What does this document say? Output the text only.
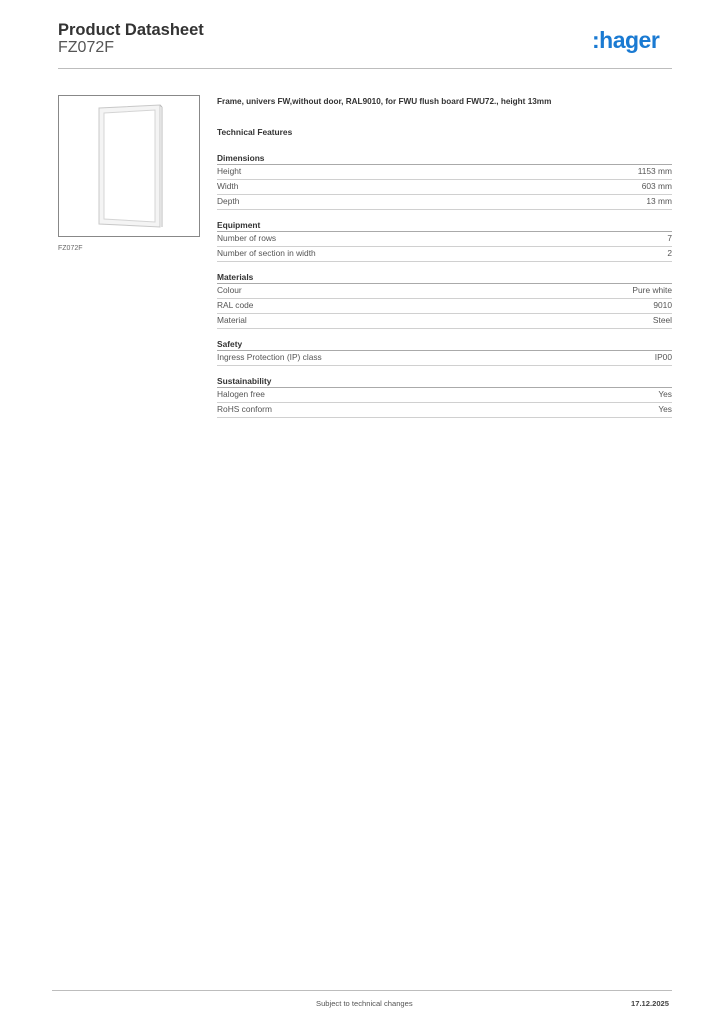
Product Datasheet
FZ072F	:hager
FZ072F
Frame, univers FW,without door, RAL9010, for FWU flush board FWU72., height 13mm
Technical Features
Dimensions
Height	1153 mm
Width	603 mm
Depth	13 mm
Equipment
Number of rows	7
Number of section in width	2
Materials
Colour	Pure white
RAL code	9010
Material	Steel
Safety
Ingress Protection (IP) class	IP00
Sustainability
Halogen free	Yes
RoHS conform	Yes
Subject to technical changes	17.12.2025
